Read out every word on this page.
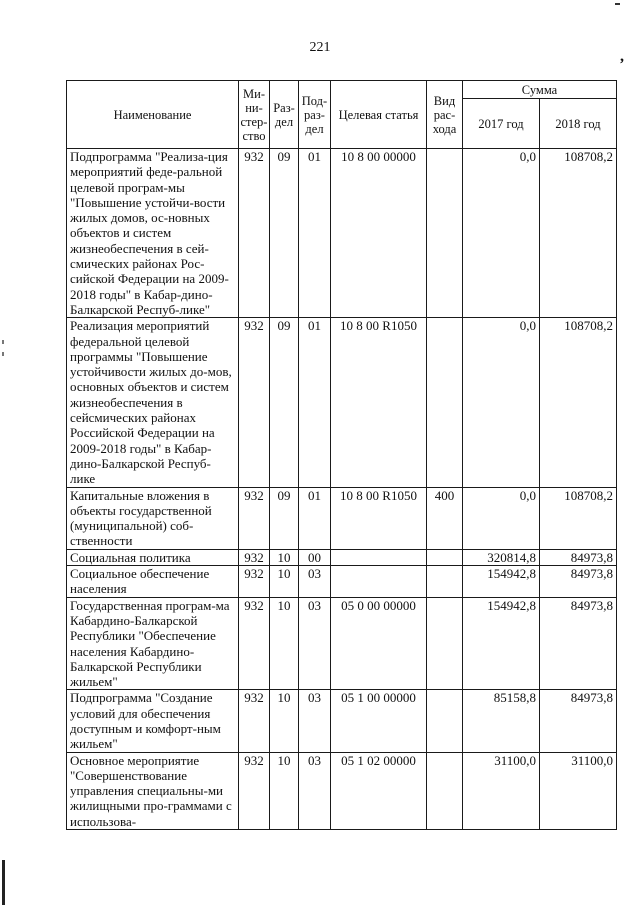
221
,
Наименование	Ми-ни-стер-ство	Раз-дел	Под-раз-дел	Целевая статья	Вид рас-хода	Сумма	
						2017 год	2018 год
Подпрограмма "Реализа-ция мероприятий феде-ральной целевой програм-мы "Повышение устойчи-вости жилых домов, ос-новных объектов и систем жизнеобеспечения в сей-смических районах Рос-сийской Федерации на 2009-2018 годы" в Кабар-дино-Балкарской Респуб-лике"	932	09	01	10 8 00 00000		0,0	108708,2
Реализация мероприятий федеральной целевой программы "Повышение устойчивости жилых до-мов, основных объектов и систем жизнеобеспечения в сейсмических районах Российской Федерации на 2009-2018 годы" в Кабар-дино-Балкарской Респуб-лике	932	09	01	10 8 00 R1050		0,0	108708,2
Капитальные вложения в объекты государственной (муниципальной) соб-ственности	932	09	01	10 8 00 R1050	400	0,0	108708,2
Социальная политика	932	10	00			320814,8	84973,8
Социальное обеспечение населения	932	10	03			154942,8	84973,8
Государственная програм-ма Кабардино-Балкарской Республики "Обеспечение населения Кабардино-Балкарской Республики жильем"	932	10	03	05 0 00 00000		154942,8	84973,8
Подпрограмма "Создание условий для обеспечения доступным и комфорт-ным жильем"	932	10	03	05 1 00 00000		85158,8	84973,8
Основное мероприятие "Совершенствование управления специальны-ми жилищными про-граммами с использова-	932	10	03	05 1 02 00000		31100,0	31100,0
